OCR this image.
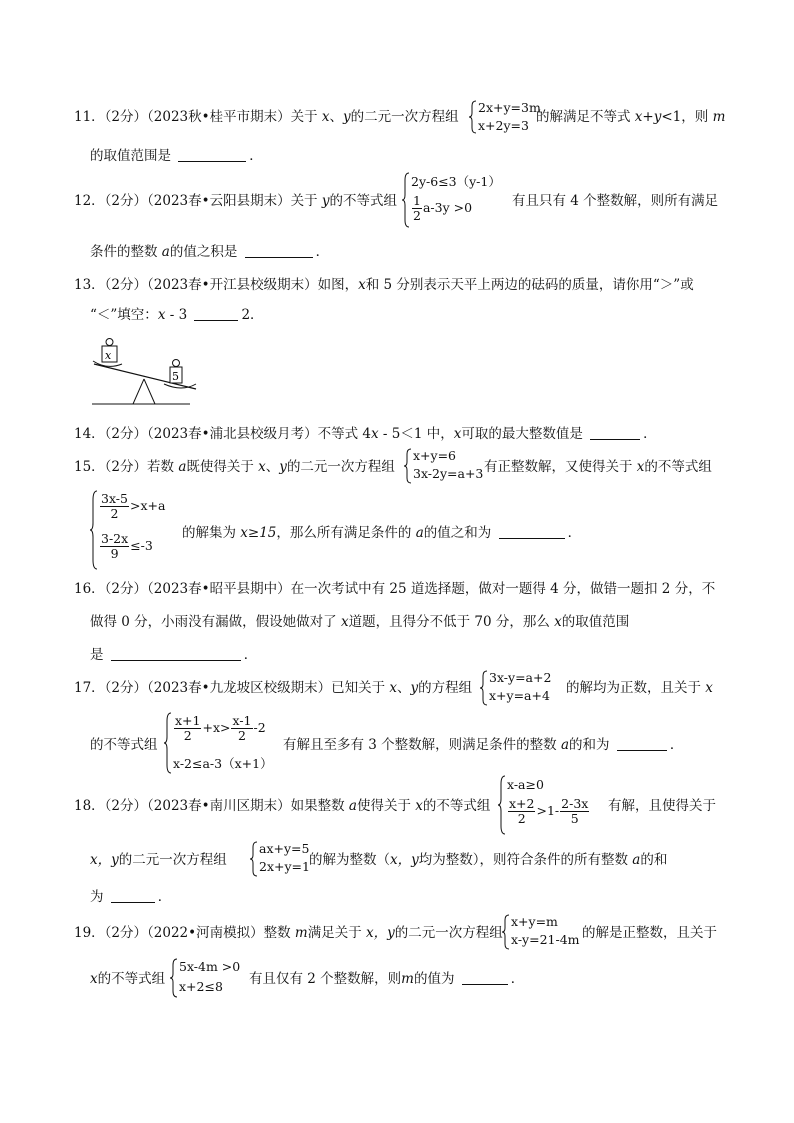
11．（2分）（2023秋•桂平市期末）关于 x、y的二元一次方程组
2x+y=3m
x+2y=3
的解满足不等式 x+y<1，则 m
的取值范围是	．
12．（2分）（2023春•云阳县期末）关于 y的不等式组
2y-6≤3（y-1）
$\frac{1}{2} a-3y >0$	有且只有 4 个整数解，则所有满足
条件的整数 a的值之积是	．
13．（2分）（2023春•开江县校级期末）如图，x和 5 分别表示天平上两边的砝码的质量，请你用“＞”或
“＜”填空：x - 3	2．
x
5
14．（2分）（2023春•浦北县校级月考）不等式 4x - 5＜1 中，x可取的最大整数值是	．
15．（2分）若数 a既使得关于 x、y的二元一次方程组
x+y=6
3x-2y=a+3 有正整数解，又使得关于 x的不等式组
$\frac{3x-5}{2} >x+a$
$\frac{3-2x}{9} \le-3$
的解集为 x≥15，那么所有满足条件的 a的值之和为	．
16．（2分）（2023春•昭平县期中）在一次考试中有 25 道选择题，做对一题得 4 分，做错一题扣 2 分，不
做得 0 分，小雨没有漏做，假设她做对了 x道题，且得分不低于 70 分，那么 x的取值范围
是	．
17．（2分）（2023春•九龙坡区校级期末）已知关于 x、y的方程组
3x-y=a+2
x+y=a+4 的解均为正数，且关于 x
的不等式组
$\frac{x+1}{2} +x> \frac{x-1}{2} -2$
x-2≤a-3（x+1）
有解且至多有 3 个整数解，则满足条件的整数 a的和为	．
18．（2分）（2023春•南川区期末）如果整数 a使得关于 x的不等式组
x-a≥0
$\frac{x+2}{2} >1- \frac{2-3x}{5}$ 有解，且使得关于
x，y的二元一次方程组
ax+y=5
2x+y=1 的解为整数（x，y均为整数），则符合条件的所有整数 a的和
为	．
19．（2分）（2022•河南模拟）整数 m满足关于 x，y的二元一次方程组
x+y=m
x-y=21-4m 的解是正整数，且关于
x的不等式组
5x-4m >0
x+2≤8 有且仅有 2 个整数解，则m的值为	．
